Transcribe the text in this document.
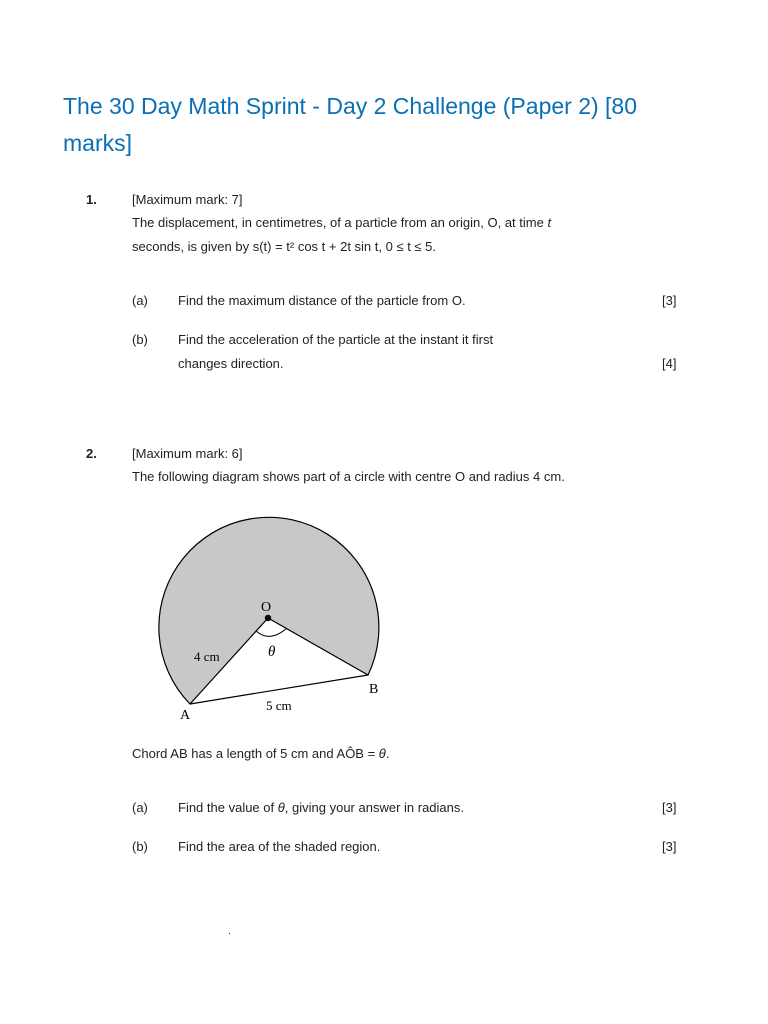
The 30 Day Math Sprint - Day 2 Challenge (Paper 2) [80 marks]
1.	[Maximum mark: 7]
The displacement, in centimetres, of a particle from an origin, O, at time t
seconds, is given by s(t) = t² cos t + 2t sin t, 0 ≤ t ≤ 5.
(a) Find the maximum distance of the particle from O.	[3]
(b) Find the acceleration of the particle at the instant it first
changes direction.	[4]
2.	[Maximum mark: 6]
The following diagram shows part of a circle with centre O and radius 4 cm.
O
θ
4 cm
A
B
5 cm
Chord AB has a length of 5 cm and AÔB = θ.
(a) Find the value of θ, giving your answer in radians.	[3]
(b) Find the area of the shaded region.	[3]
.
